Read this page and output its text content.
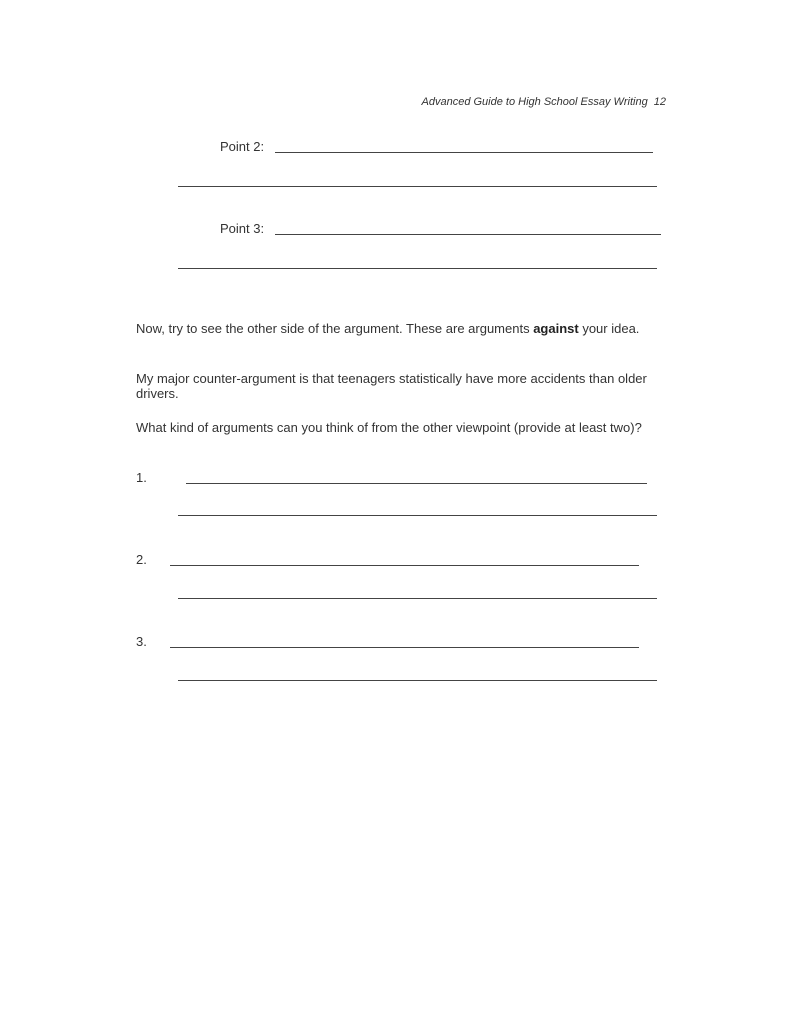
Advanced Guide to High School Essay Writing 12
Point 2:
Point 3:
Now, try to see the other side of the argument. These are arguments against your idea.
My major counter-argument is that teenagers statistically have more accidents than older drivers.
What kind of arguments can you think of from the other viewpoint (provide at least two)?
1.
2.
3.
